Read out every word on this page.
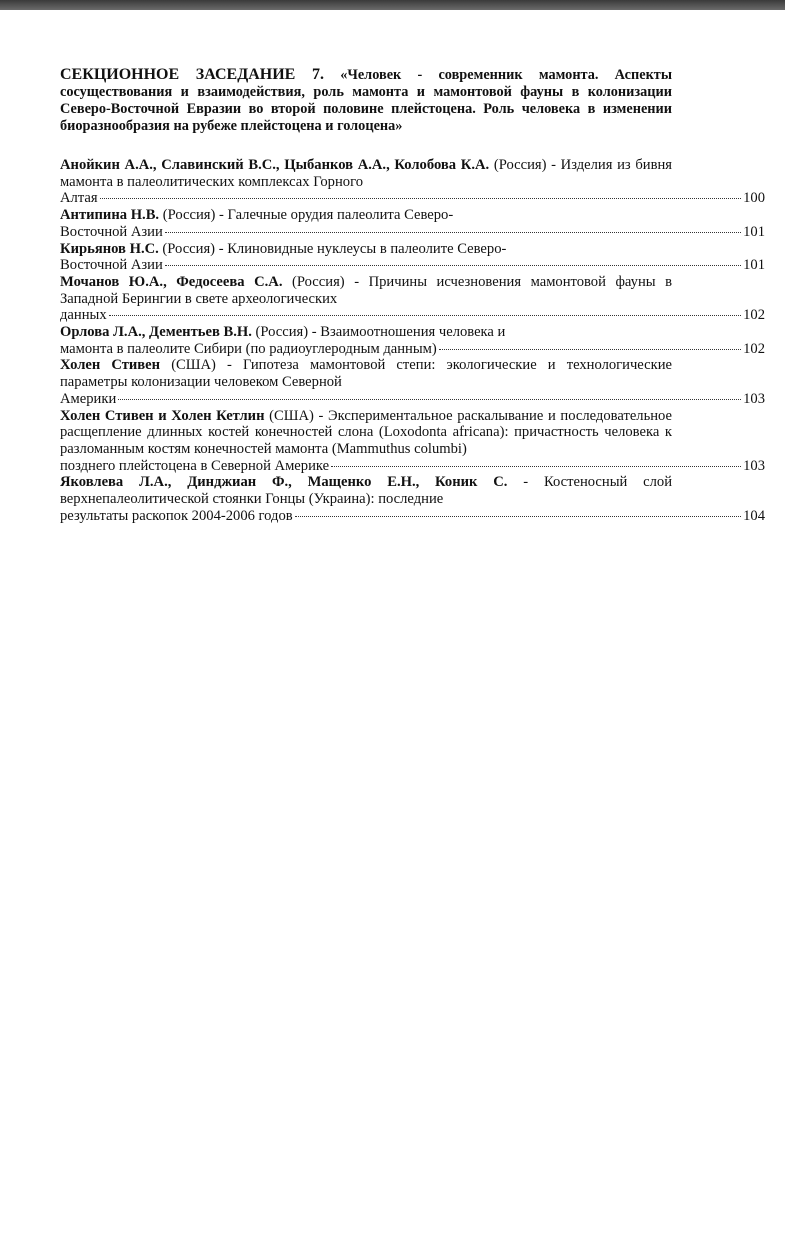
СЕКЦИОННОЕ ЗАСЕДАНИЕ 7. «Человек - современник мамонта. Аспекты сосуществования и взаимодействия, роль мамонта и мамонтовой фауны в колонизации Северо-Восточной Евразии во второй половине плейстоцена. Роль человека в изменении биоразнообразия на рубеже плейстоцена и голоцена»
Анойкин А.А., Славинский В.С., Цыбанков А.А., Колобова К.А. (Россия) - Изделия из бивня мамонта в палеолитических комплексах Горного
Алтая	100
Антипина Н.В. (Россия) - Галечные орудия палеолита Северо-
Восточной Азии	101
Кирьянов Н.С. (Россия) - Клиновидные нуклеусы в палеолите Северо-
Восточной Азии	101
Мочанов Ю.А., Федосеева С.А. (Россия) - Причины исчезновения мамонтовой фауны в Западной Берингии в свете археологических
данных	102
Орлова Л.А., Дементьев В.Н. (Россия) - Взаимоотношения человека и
мамонта в палеолите Сибири (по радиоуглеродным данным)	102
Холен Стивен (США) - Гипотеза мамонтовой степи: экологические и технологические параметры колонизации человеком Северной
Америки	103
Холен Стивен и Холен Кетлин (США) - Экспериментальное раскалывание и последовательное расщепление длинных костей конечностей слона (Loxodonta africana): причастность человека к разломанным костям конечностей мамонта (Mammuthus columbi)
позднего плейстоцена в Северной Америке	103
Яковлева Л.А., Динджиан Ф., Мащенко Е.Н., Коник С. - Костеносный слой верхнепалеолитической стоянки Гонцы (Украина): последние
результаты раскопок 2004-2006 годов	104
